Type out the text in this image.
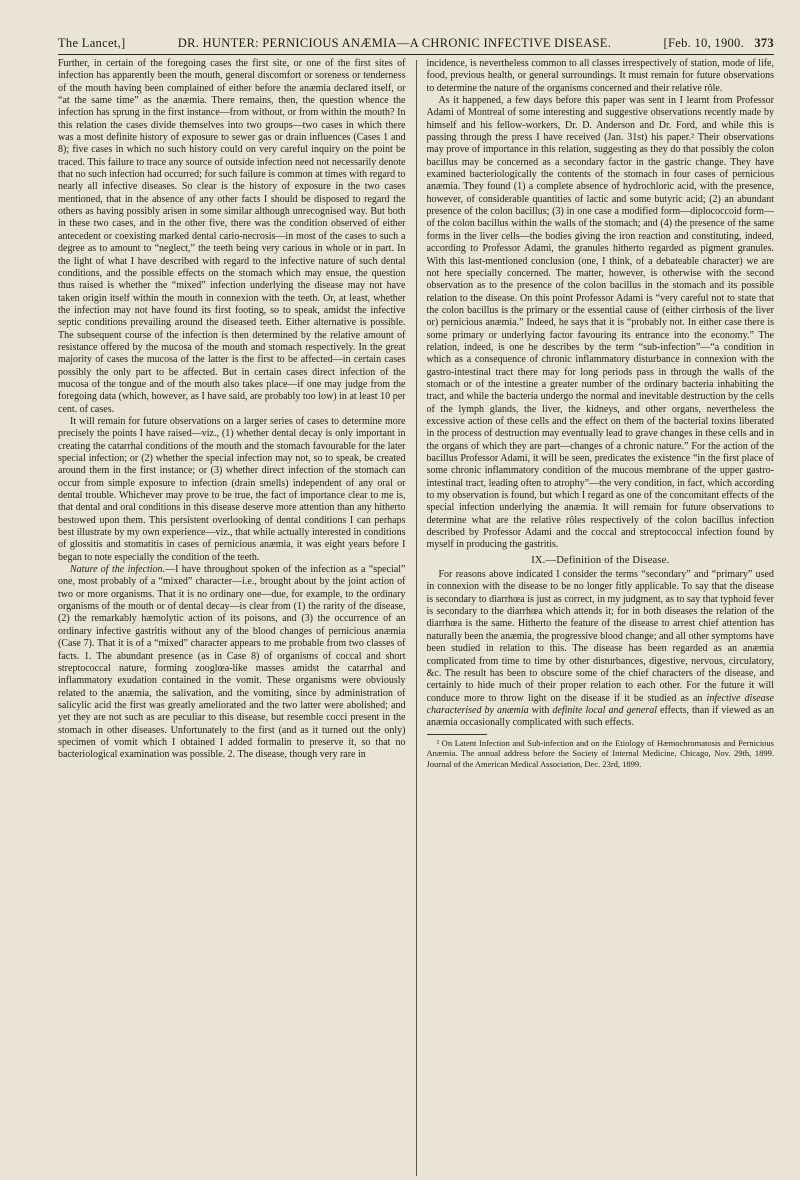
The Lancet,]	DR. HUNTER: PERNICIOUS ANÆMIA—A CHRONIC INFECTIVE DISEASE.	[Feb. 10, 1900. 373

Further, in certain of the foregoing cases the first site, or one of the first sites of infection has apparently been the mouth, general discomfort or soreness or tenderness of the mouth having been complained of either before the anæmia declared itself, or “at the same time” as the anæmia. There remains, then, the question whence the infection has sprung in the first instance—from without, or from within the mouth? In this relation the cases divide themselves into two groups—two cases in which there was a most definite history of exposure to sewer gas or drain influences (Cases 1 and 8); five cases in which no such history could on very careful inquiry on the point be traced. This failure to trace any source of outside infection need not necessarily denote that no such infection had occurred; for such failure is common at times with regard to nearly all infective diseases. So clear is the history of exposure in the two cases mentioned, that in the absence of any other facts I should be disposed to regard the others as having possibly arisen in some similar although unrecognised way. But both in these two cases, and in the other five, there was the condition observed of either antecedent or coexisting marked dental cario-necrosis—in most of the cases to such a degree as to amount to “neglect,” the teeth being very carious in whole or in part. In the light of what I have described with regard to the infective nature of such dental conditions, and the possible effects on the stomach which may ensue, the question thus raised is whether the “mixed” infection underlying the disease may not have taken origin itself within the mouth in connexion with the teeth. Or, at least, whether the infection may not have found its first footing, so to speak, amidst the infective septic conditions prevailing around the diseased teeth. Either alternative is possible. The subsequent course of the infection is then determined by the relative amount of resistance offered by the mucosa of the mouth and stomach respectively. In the great majority of cases the mucosa of the latter is the first to be affected—in certain cases possibly the only part to be affected. But in certain cases direct infection of the mucosa of the tongue and of the mouth also takes place—if one may judge from the foregoing data (which, however, as I have said, are probably too low) in at least 10 per cent. of cases.

It will remain for future observations on a larger series of cases to determine more precisely the points I have raised—viz., (1) whether dental decay is only important in creating the catarrhal conditions of the mouth and the stomach favourable for the later special infection; or (2) whether the special infection may not, so to speak, be created around them in the first instance; or (3) whether direct infection of the stomach can occur from simple exposure to infection (drain smells) independent of any oral or dental trouble. Whichever may prove to be true, the fact of importance clear to me is, that dental and oral conditions in this disease deserve more attention than any hitherto bestowed upon them. This persistent overlooking of dental conditions I can perhaps best illustrate by my own experience—viz., that while actually interested in conditions of glossitis and stomatitis in cases of pernicious anæmia, it was eight years before I began to note especially the condition of the teeth.

Nature of the infection.—I have throughout spoken of the infection as a “special” one, most probably of a “mixed” character—i.e., brought about by the joint action of two or more organisms. That it is no ordinary one—due, for example, to the ordinary organisms of the mouth or of dental decay—is clear from (1) the rarity of the disease, (2) the remarkably hæmolytic action of its poisons, and (3) the occurrence of an ordinary infective gastritis without any of the blood changes of pernicious anæmia (Case 7). That it is of a “mixed” character appears to me probable from two classes of facts. 1. The abundant presence (as in Case 8) of organisms of coccal and short streptococcal nature, forming zooglœa-like masses amidst the catarrhal and inflammatory exudation contained in the vomit. These organisms were obviously related to the anæmia, the salivation, and the vomiting, since by administration of salicylic acid the first was greatly ameliorated and the two latter were abolished; and yet they are not such as are peculiar to this disease, but resemble cocci present in the stomach in other diseases. Unfortunately to the first (and as it turned out the only) specimen of vomit which I obtained I added formalin to preserve it, so that no bacteriological examination was possible. 2. The disease, though very rare in

incidence, is nevertheless common to all classes irrespectively of station, mode of life, food, previous health, or general surroundings. It must remain for future observations to determine the nature of the organisms concerned and their relative rôle.

As it happened, a few days before this paper was sent in I learnt from Professor Adami of Montreal of some interesting and suggestive observations recently made by himself and his fellow-workers, Dr. D. Anderson and Dr. Ford, and while this is passing through the press I have received (Jan. 31st) his paper.² Their observations may prove of importance in this relation, suggesting as they do that possibly the colon bacillus may be concerned as a secondary factor in the gastric change. They have examined bacteriologically the contents of the stomach in four cases of pernicious anæmia. They found (1) a complete absence of hydrochloric acid, with the presence, however, of considerable quantities of lactic and some butyric acid; (2) an abundant presence of the colon bacillus; (3) in one case a modified form—diplococcoid form—of the colon bacillus within the walls of the stomach; and (4) the presence of the same forms in the liver cells—the bodies giving the iron reaction and constituting, indeed, according to Professor Adami, the granules hitherto regarded as pigment granules. With this last-mentioned conclusion (one, I think, of a debateable character) we are not here specially concerned. The matter, however, is otherwise with the second observation as to the presence of the colon bacillus in the stomach and its possible relation to the disease. On this point Professor Adami is “very careful not to state that the colon bacillus is the primary or the essential cause of (either cirrhosis of the liver or) pernicious anæmia.” Indeed, he says that it is “probably not. In either case there is some primary or underlying factor favouring its entrance into the economy.” The relation, indeed, is one he describes by the term “sub-infection”—“a condition in which as a consequence of chronic inflammatory disturbance in connexion with the gastro-intestinal tract there may for long periods pass in through the walls of the stomach or of the intestine a greater number of the ordinary bacteria inhabiting the tract, and while the bacteria undergo the normal and inevitable destruction by the cells of the lymph glands, the liver, the kidneys, and other organs, nevertheless the excessive action of these cells and the effect on them of the bacterial toxins liberated in the process of destruction may eventually lead to grave changes in these cells and in the organs of which they are part—changes of a chronic nature.” For the action of the bacillus Professor Adami, it will be seen, predicates the existence “in the first place of some chronic inflammatory condition of the mucous membrane of the upper gastro-intestinal tract, leading often to atrophy”—the very condition, in fact, which according to my observation is found, but which I regard as one of the concomitant effects of the special infection underlying the anæmia. It will remain for future observations to determine what are the relative rôles respectively of the colon bacillus infection described by Professor Adami and the coccal and streptococcal infection found by myself in producing the gastritis.

IX.—Definition of the Disease.

For reasons above indicated I consider the terms “secondary” and “primary” used in connexion with the disease to be no longer fitly applicable. To say that the disease is secondary to diarrhœa is just as correct, in my judgment, as to say that typhoid fever is secondary to the diarrhœa which attends it; for in both diseases the relation of the diarrhœa is the same. Hitherto the feature of the disease to arrest chief attention has naturally been the anæmia, the progressive blood change; and all other symptoms have been studied in relation to this. The disease has been regarded as an anæmia complicated from time to time by other disturbances, digestive, nervous, circulatory, &c. The result has been to obscure some of the chief characters of the disease, and certainly to hide much of their proper relation to each other. For the future it will conduce more to throw light on the disease if it be studied as an infective disease characterised by anæmia with definite local and general effects, than if viewed as an anæmia occasionally complicated with such effects.

² On Latent Infection and Sub-infection and on the Etiology of Hæmochromatosis and Pernicious Anæmia. The annual address before the Society of Internal Medicine, Chicago, Nov. 29th, 1899. Journal of the American Medical Association, Dec. 23rd, 1899.
